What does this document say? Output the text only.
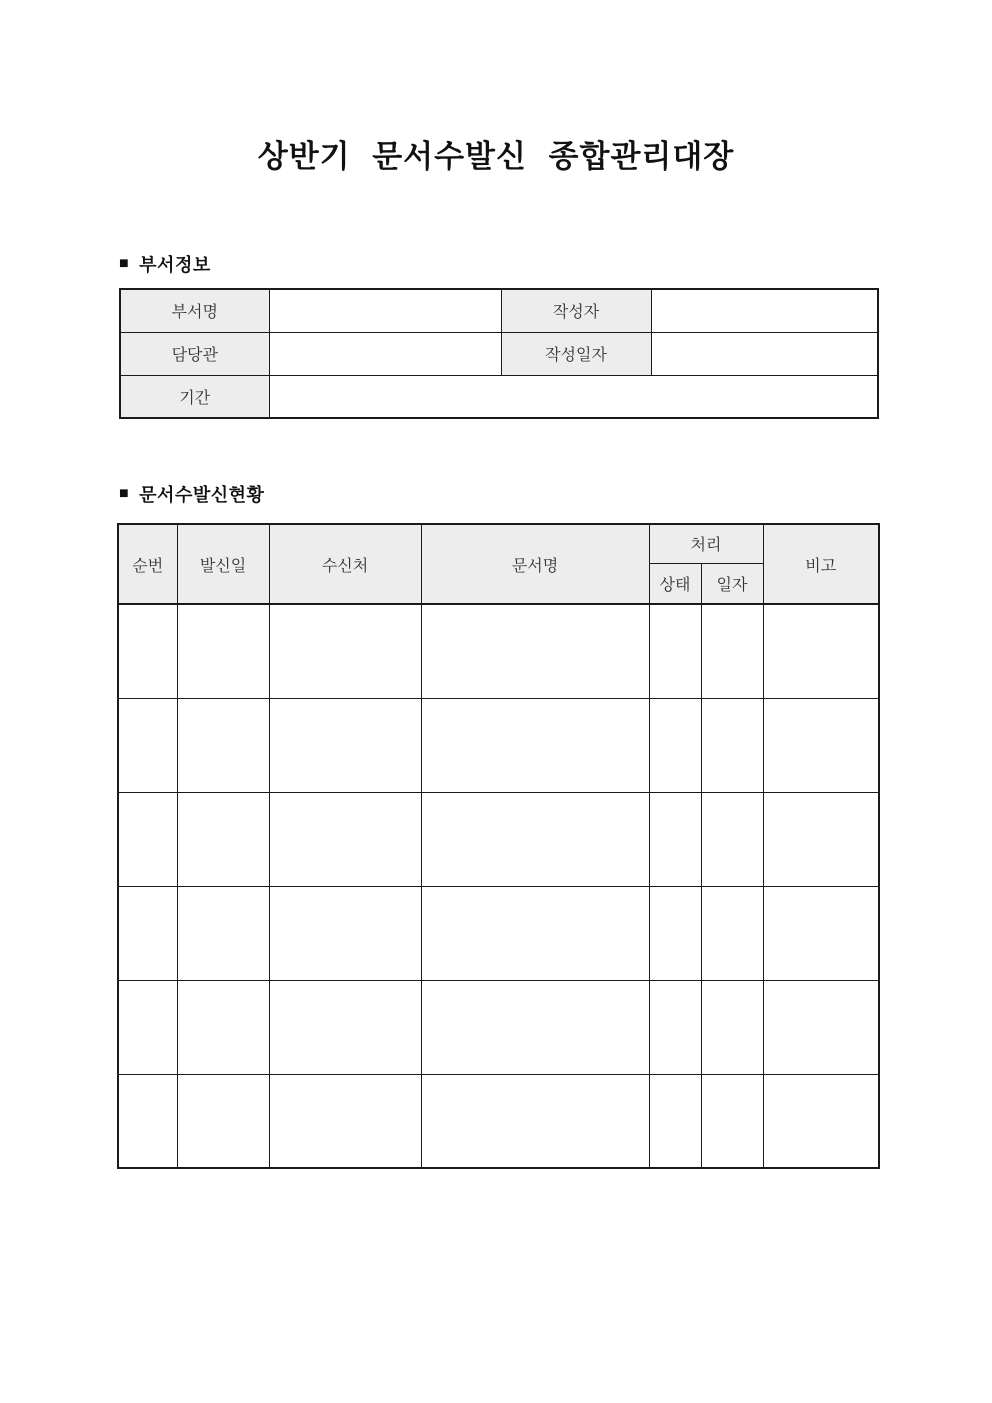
상반기 문서수발신 종합관리대장
■ 부서정보
부서명		작성자	
담당관		작성일자	
기간			
■ 문서수발신현황
순번	발신일	수신처	문서명	처리		비고
				상태	일자	
